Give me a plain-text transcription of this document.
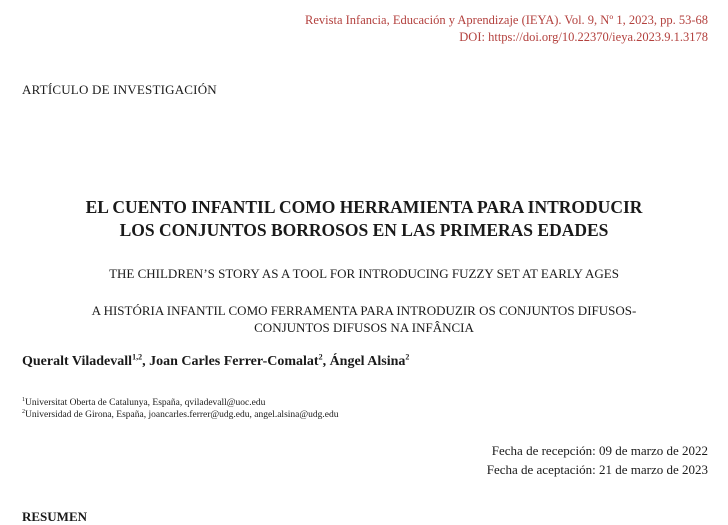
Revista Infancia, Educación y Aprendizaje (IEYA). Vol. 9, Nº 1, 2023, pp. 53-68
DOI: https://doi.org/10.22370/ieya.2023.9.1.3178
ARTÍCULO DE INVESTIGACIÓN
EL CUENTO INFANTIL COMO HERRAMIENTA PARA INTRODUCIR
LOS CONJUNTOS BORROSOS EN LAS PRIMERAS EDADES
THE CHILDREN’S STORY AS A TOOL FOR INTRODUCING FUZZY SET AT EARLY AGES
A HISTÓRIA INFANTIL COMO FERRAMENTA PARA INTRODUZIR OS CONJUNTOS DIFUSOS-
CONJUNTOS DIFUSOS NA INFÂNCIA
Queralt Viladevall$^{1,2}$, Joan Carles Ferrer-Comalat$^2$, Ángel Alsina$^2$
$^1$Universitat Oberta de Catalunya, España, qviladevall@uoc.edu
$^2$Universidad de Girona, España, joancarles.ferrer@udg.edu, angel.alsina@udg.edu
Fecha de recepción: 09 de marzo de 2022
Fecha de aceptación: 21 de marzo de 2023
RESUMEN
